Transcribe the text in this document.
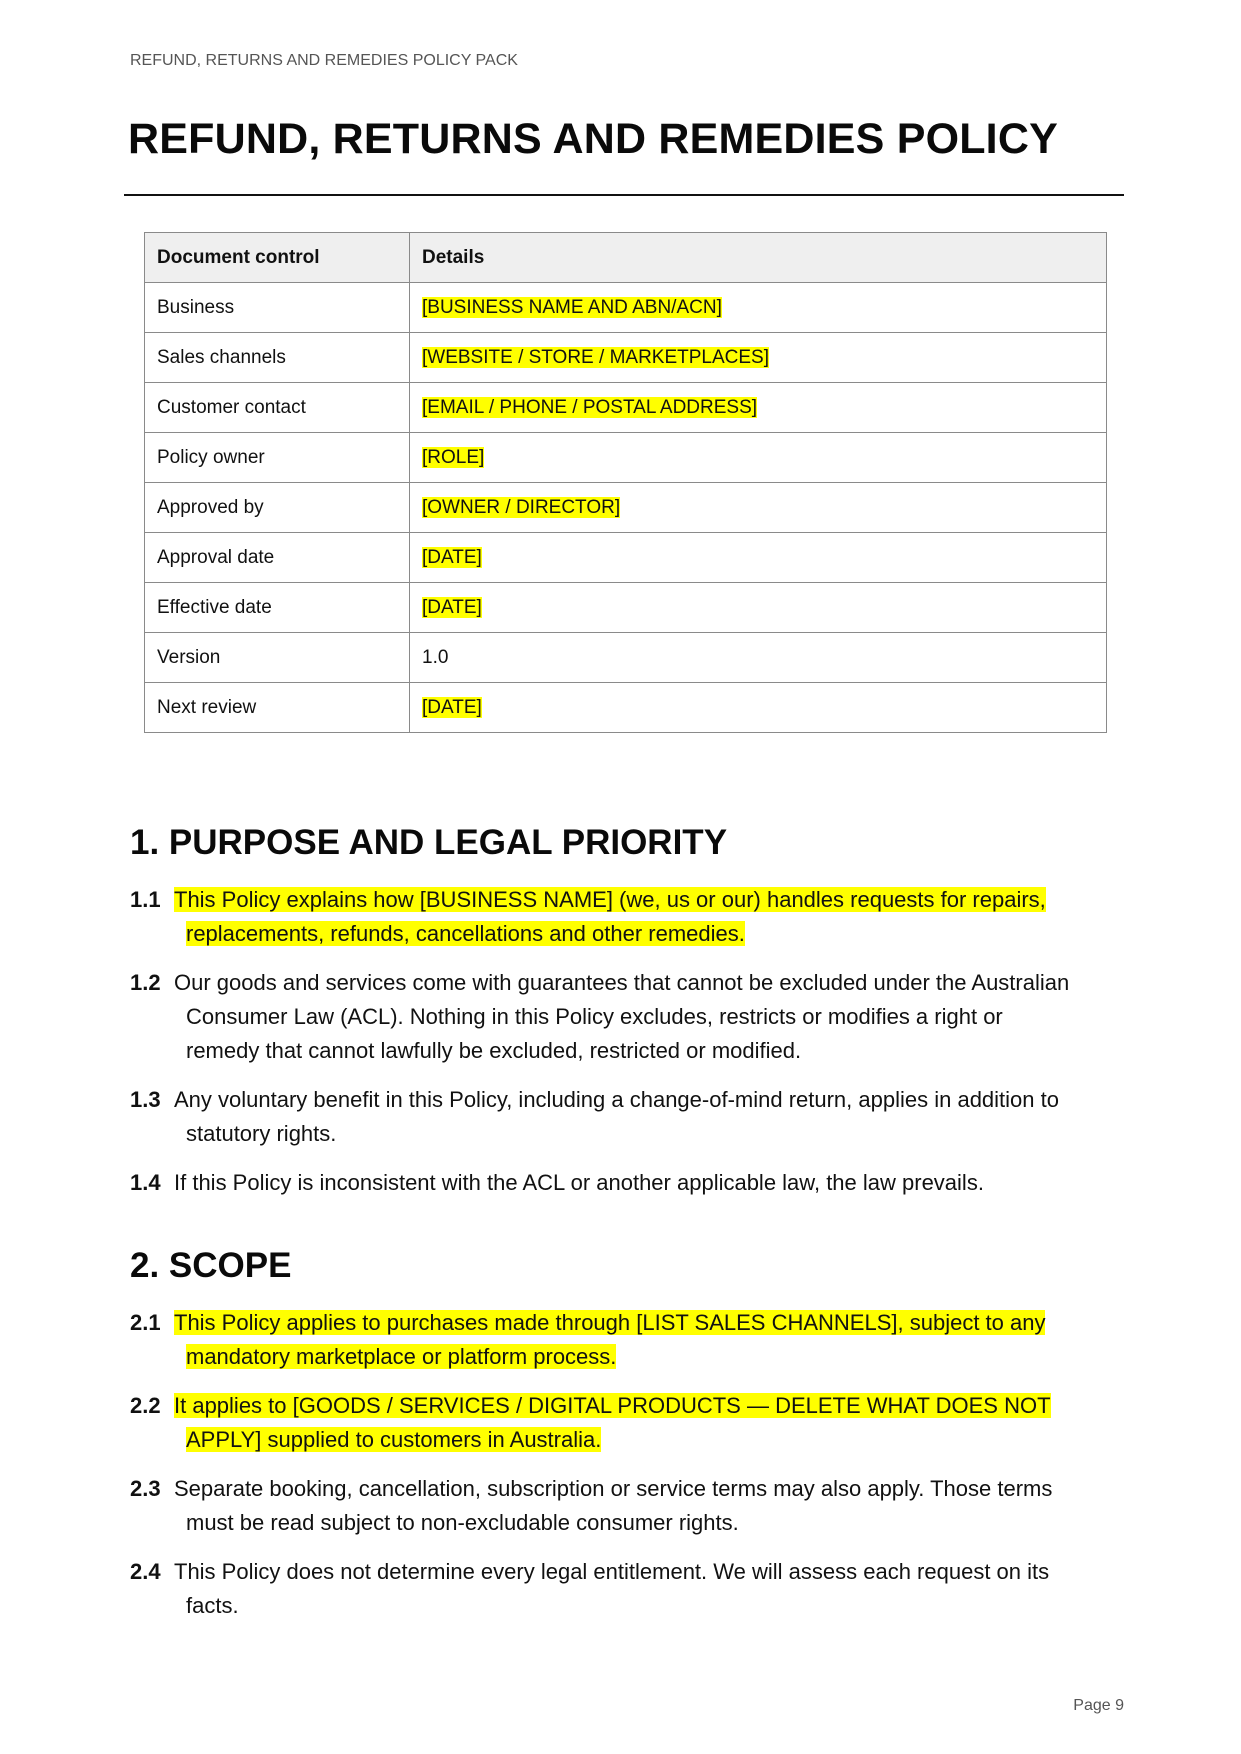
REFUND, RETURNS AND REMEDIES POLICY PACK
REFUND, RETURNS AND REMEDIES POLICY
Document control	Details
Business	[BUSINESS NAME AND ABN/ACN]
Sales channels	[WEBSITE / STORE / MARKETPLACES]
Customer contact	[EMAIL / PHONE / POSTAL ADDRESS]
Policy owner	[ROLE]
Approved by	[OWNER / DIRECTOR]
Approval date	[DATE]
Effective date	[DATE]
Version	1.0
Next review	[DATE]
1. PURPOSE AND LEGAL PRIORITY
1.1 This Policy explains how [BUSINESS NAME] (we, us or our) handles requests for repairs,
replacements, refunds, cancellations and other remedies.
1.2 Our goods and services come with guarantees that cannot be excluded under the Australian
Consumer Law (ACL). Nothing in this Policy excludes, restricts or modifies a right or
remedy that cannot lawfully be excluded, restricted or modified.
1.3 Any voluntary benefit in this Policy, including a change-of-mind return, applies in addition to
statutory rights.
1.4 If this Policy is inconsistent with the ACL or another applicable law, the law prevails.
2. SCOPE
2.1 This Policy applies to purchases made through [LIST SALES CHANNELS], subject to any
mandatory marketplace or platform process.
2.2 It applies to [GOODS / SERVICES / DIGITAL PRODUCTS — DELETE WHAT DOES NOT
APPLY] supplied to customers in Australia.
2.3 Separate booking, cancellation, subscription or service terms may also apply. Those terms
must be read subject to non-excludable consumer rights.
2.4 This Policy does not determine every legal entitlement. We will assess each request on its
facts.
Page 9
